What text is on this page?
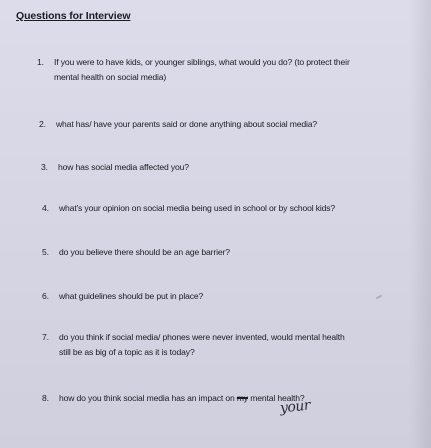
Questions for Interview
1.	If you were to have kids, or younger siblings, what would you do? (to protect their
mental health on social media)
2.	what has/ have your parents said or done anything about social media?
3.	how has social media affected you?
4.	what's your opinion on social media being used in school or by school kids?
5.	do you believe there should be an age barrier?
6.	what guidelines should be put in place?
7.	do you think if social media/ phones were never invented, would mental health
still be as big of a topic as it is today?
8.	how do you think social media has an impact on my mental health?
your
